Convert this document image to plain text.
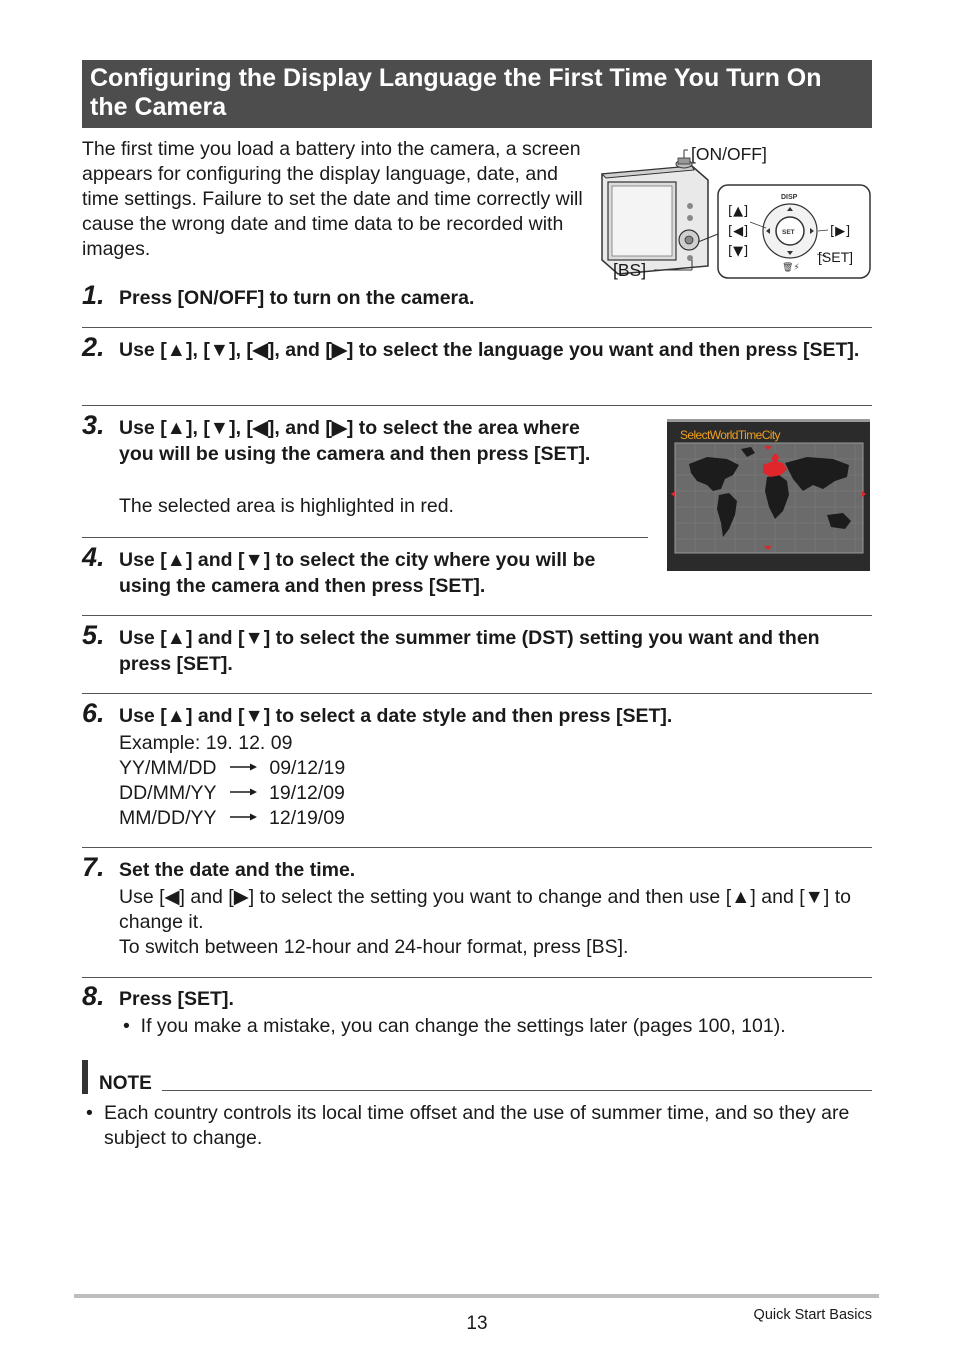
Configuring the Display Language the First Time You Turn On the Camera

The first time you load a battery into the camera, a screen appears for configuring the display language, date, and time settings. Failure to set the date and time correctly will cause the wrong date and time data to be recorded with images.

DISP
SET
🗑⚡
[ON/OFF]
[BS]
[▲]
[◀]
[▼]
[▶]
[SET]
1. Press [ON/OFF] to turn on the camera.
2. Use [▲], [▼], [◀], and [▶] to select the language you want and then press [SET].
3. Use [▲], [▼], [◀], and [▶] to select the area where you will be using the camera and then press [SET].
The selected area is highlighted in red.
SelectWorldTimeCity
4. Use [▲] and [▼] to select the city where you will be using the camera and then press [SET].
5. Use [▲] and [▼] to select the summer time (DST) setting you want and then press [SET].
6. Use [▲] and [▼] to select a date style and then press [SET].
Example: 19. 12. 09
YY/MM/DD	09/12/19
DD/MM/YY	19/12/09
MM/DD/YY	12/19/09
7. Set the date and the time.
Use [◀] and [▶] to select the setting you want to change and then use [▲] and [▼] to change it.
To switch between 12-hour and 24-hour format, press [BS].
8. Press [SET].
• If you make a mistake, you can change the settings later (pages 100, 101).
NOTE
• Each country controls its local time offset and the use of summer time, and so they are subject to change.
13	Quick Start Basics
